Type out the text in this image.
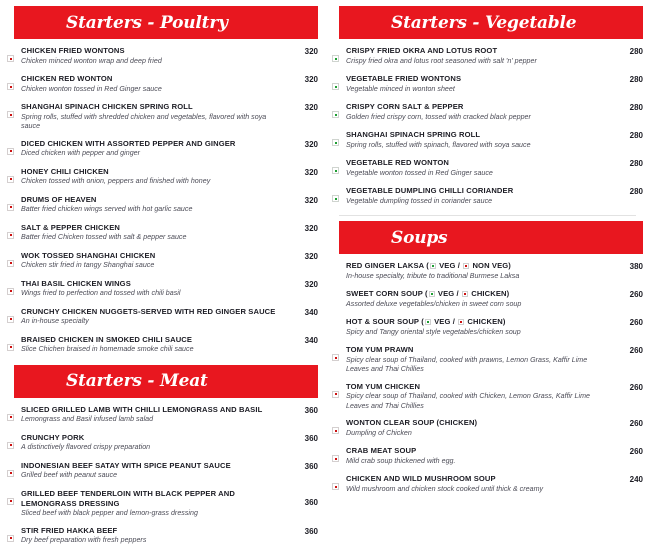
Starters - Poultry
CHICKEN FRIED WONTONS
Chicken minced wonton wrap and deep fried
320
CHICKEN RED WONTON
Chicken wonton tossed in Red Ginger sauce
320
SHANGHAI SPINACH CHICKEN SPRING ROLL
Spring rolls, stuffed with shredded chicken and vegetables, flavored with soya sauce
320
DICED CHICKEN WITH ASSORTED PEPPER AND GINGER
Diced chicken with pepper and ginger
320
HONEY CHILI CHICKEN
Chicken tossed with onion, peppers and finished with honey
320
DRUMS OF HEAVEN
Batter fried chicken wings served with hot garlic sauce
320
SALT & PEPPER CHICKEN
Batter fried Chicken tossed with salt & pepper sauce
320
WOK TOSSED SHANGHAI CHICKEN
Chicken stir fried in tangy Shanghai sauce
320
THAI BASIL CHICKEN WINGS
Wings fried to perfection and tossed with chili basil
320
CRUNCHY CHICKEN NUGGETS-SERVED WITH RED GINGER SAUCE
An in-house specialty
340
BRAISED CHICKEN IN SMOKED CHILI SAUCE
Slice Chichen braised in homemade smoke chili sauce
340
Starters - Meat
SLICED GRILLED LAMB WITH CHILLI LEMONGRASS AND BASIL
Lemongrass and Basil infused lamb salad
360
CRUNCHY PORK
A distinctively flavored crispy preparation
360
INDONESIAN BEEF SATAY WITH SPICE PEANUT SAUCE
Grilled beef with peanut sauce
360
GRILLED BEEF TENDERLOIN WITH BLACK PEPPER AND LEMONGRASS DRESSING
Sliced beef with black pepper and lemon-grass dressing
360
STIR FRIED HAKKA BEEF
Dry beef preparation with fresh peppers
360
Starters - Vegetable
CRISPY FRIED OKRA AND LOTUS ROOT
Crispy fried okra and lotus root seasoned with salt 'n' pepper
280
VEGETABLE FRIED WONTONS
Vegetable minced in wonton sheet
280
CRISPY CORN SALT & PEPPER
Golden fried crispy corn, tossed with cracked black pepper
280
SHANGHAI SPINACH SPRING ROLL
Spring rolls, stuffed with spinach, flavored with soya sauce
280
VEGETABLE RED WONTON
Vegetable wonton tossed in Red Ginger sauce
280
VEGETABLE DUMPLING CHILLI CORIANDER
Vegetable dumpling tossed in coriander sauce
280
Soups
RED GINGER LAKSA ( VEG /  NON VEG)
In-house specialty, tribute to traditional Burmese Laksa
380
SWEET CORN SOUP ( VEG /  CHICKEN)
Assorted deluxe vegetables/chicken in sweet corn soup
260
HOT & SOUR SOUP ( VEG /  CHICKEN)
Spicy and Tangy oriental style vegetables/chicken soup
260
TOM YUM PRAWN
Spicy clear soup of Thailand, cooked with prawns, Lemon Grass, Kaffir Lime Leaves and Thai Chillies
260
TOM YUM CHICKEN
Spicy clear soup of Thailand, cooked with Chicken, Lemon Grass, Kaffir Lime Leaves and Thai Chillies
260
WONTON CLEAR SOUP (CHICKEN)
Dumpling of Chicken
260
CRAB MEAT SOUP
Mild crab soup thickened with egg.
260
CHICKEN AND WILD MUSHROOM SOUP
Wild mushroom and chicken stock cooked until thick & creamy
240
